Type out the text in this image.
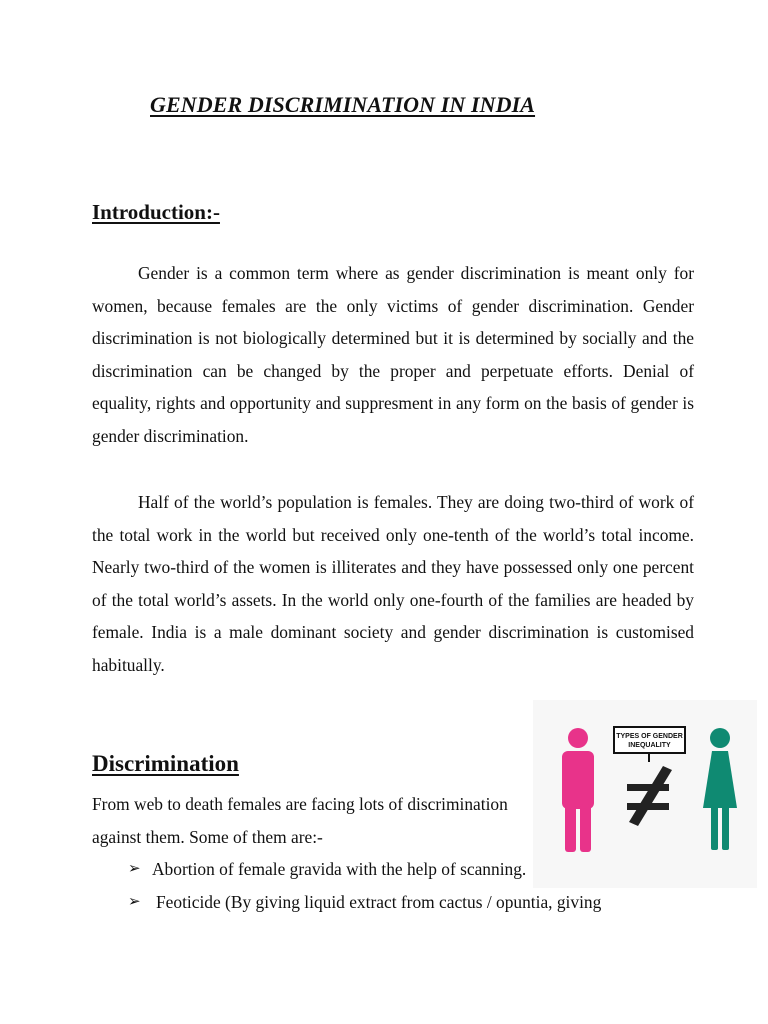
GENDER DISCRIMINATION IN INDIA
Introduction:-

Gender is a common term where as gender discrimination is meant only for women, because females are the only victims of gender discrimination. Gender discrimination is not biologically determined but it is determined by socially and the discrimination can be changed by the proper and perpetuate efforts. Denial of equality, rights and opportunity and suppresment in any form on the basis of gender is gender discrimination.

Half of the world’s population is females. They are doing two-third of work of the total work in the world but received only one-tenth of the world’s total income. Nearly two-third of the women is illiterates and they have possessed only one percent of the total world’s assets. In the world only one-fourth of the families are headed by female. India is a male dominant society and gender discrimination is customised habitually.

Discrimination

From web to death females are facing lots of discrimination against them. Some of them are:-

➢ Abortion of female gravida with the help of scanning.
➢ Feoticide (By giving liquid extract from cactus / opuntia, giving
TYPES OF GENDER
INEQUALITY
